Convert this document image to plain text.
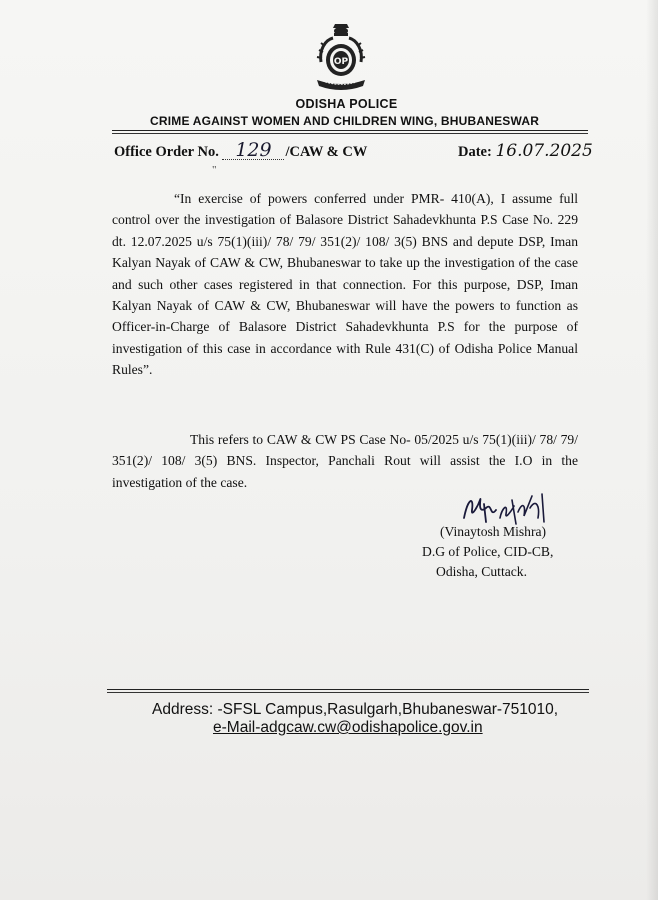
OP
ODISHA POLICE
CRIME AGAINST WOMEN AND CHILDREN WING, BHUBANESWAR
Office Order No. 129 /CAW & CW	Date: 16.07.2025
"
“In exercise of powers conferred under PMR- 410(A), I assume full control over the investigation of Balasore District Sahadevkhunta P.S Case No. 229 dt. 12.07.2025 u/s 75(1)(iii)/ 78/ 79/ 351(2)/ 108/ 3(5) BNS and depute DSP, Iman Kalyan Nayak of CAW & CW, Bhubaneswar to take up the investigation of the case and such other cases registered in that connection. For this purpose, DSP, Iman Kalyan Nayak of CAW & CW, Bhubaneswar will have the powers to function as Officer-in-Charge of Balasore District Sahadevkhunta P.S for the purpose of investigation of this case in accordance with Rule 431(C) of Odisha Police Manual Rules”.
This refers to CAW & CW PS Case No- 05/2025 u/s 75(1)(iii)/ 78/ 79/ 351(2)/ 108/ 3(5) BNS. Inspector, Panchali Rout will assist the I.O in the investigation of the case.
(Vinaytosh Mishra)
D.G of Police, CID-CB,
Odisha, Cuttack.
Address: -SFSL Campus,Rasulgarh,Bhubaneswar-751010,
e-Mail-adgcaw.cw@odishapolice.gov.in
